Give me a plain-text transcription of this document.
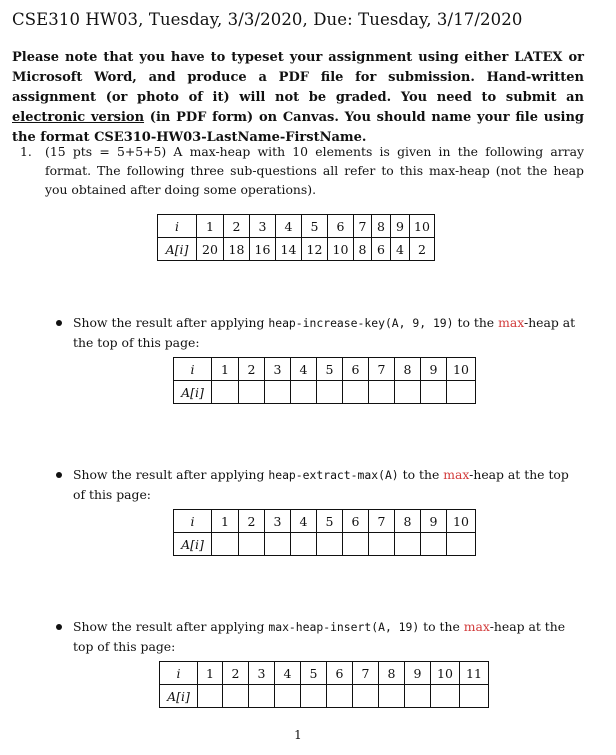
CSE310 HW03, Tuesday, 3/3/2020, Due: Tuesday, 3/17/2020
Please note that you have to typeset your assignment using either LATEX or Microsoft Word, and produce a PDF file for submission. Hand-written assignment (or photo of it) will not be graded. You need to submit an electronic version (in PDF form) on Canvas. You should name your file using the format CSE310-HW03-LastName-FirstName.
1. (15 pts = 5+5+5) A max-heap with 10 elements is given in the following array format. The following three sub-questions all refer to this max-heap (not the heap you obtained after doing some operations).
i	1	2	3	4	5	6	7	8	9	10
A[i]	20	18	16	14	12	10	8	6	4	2
Show the result after applying heap-increase-key(A, 9, 19) to the max-heap at the top of this page:
i	1	2	3	4	5	6	7	8	9	10
A[i]										
Show the result after applying heap-extract-max(A) to the max-heap at the top of this page:
i	1	2	3	4	5	6	7	8	9	10
A[i]										
Show the result after applying max-heap-insert(A, 19) to the max-heap at the top of this page:
i	1	2	3	4	5	6	7	8	9	10	11
A[i]											
1
